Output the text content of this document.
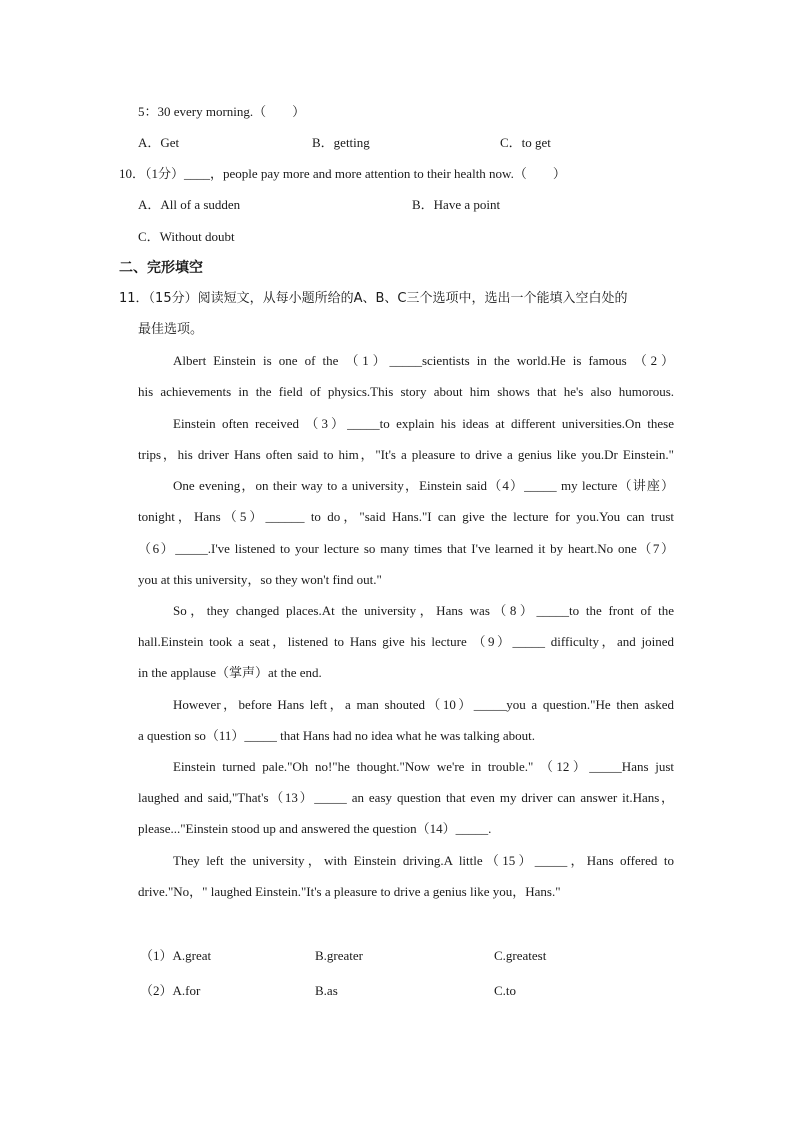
5：30 every morning.（　　）
A．Get	B．getting	C．to get
10．（1分）____，people pay more and more attention to their health now.（　　）
A．All of a sudden	B．Have a point
C．Without doubt
二、完形填空
11．（15分）阅读短文，从每小题所给的A、B、C三个选项中，选出一个能填入空白处的
最佳选项。
Albert Einstein is one of the （1）_____scientists in the world.He is famous （2）
his achievements in the field of physics.This story about him shows that he's also humorous.
Einstein often received （3）_____to explain his ideas at different universities.On these
trips，his driver Hans often said to him，"It's a pleasure to drive a genius like you.Dr Einstein."
One evening，on their way to a university，Einstein said（4）_____ my lecture（讲座）
tonight，Hans（5）______ to do，"said Hans."I can give the lecture for you.You can trust
（6）_____.I've listened to your lecture so many times that I've learned it by heart.No one（7）
you at this university，so they won't find out."
So，they changed places.At the university，Hans was（8）_____to the front of the
hall.Einstein took a seat，listened to Hans give his lecture （9）_____ difficulty，and joined
in the applause（掌声）at the end.
However，before Hans left，a man shouted（10）_____you a question."He then asked
a question so（11）_____ that Hans had no idea what he was talking about.
Einstein turned pale."Oh no!"he thought."Now we're in trouble." （12）_____Hans just
laughed and said,"That's（13）_____ an easy question that even my driver can answer it.Hans，
please..."Einstein stood up and answered the question（14）_____.
They left the university，with Einstein driving.A little（15）_____，Hans offered to
drive."No，" laughed Einstein."It's a pleasure to drive a genius like you，Hans."
（1）A.great	B.greater	C.greatest
（2）A.for	B.as	C.to
